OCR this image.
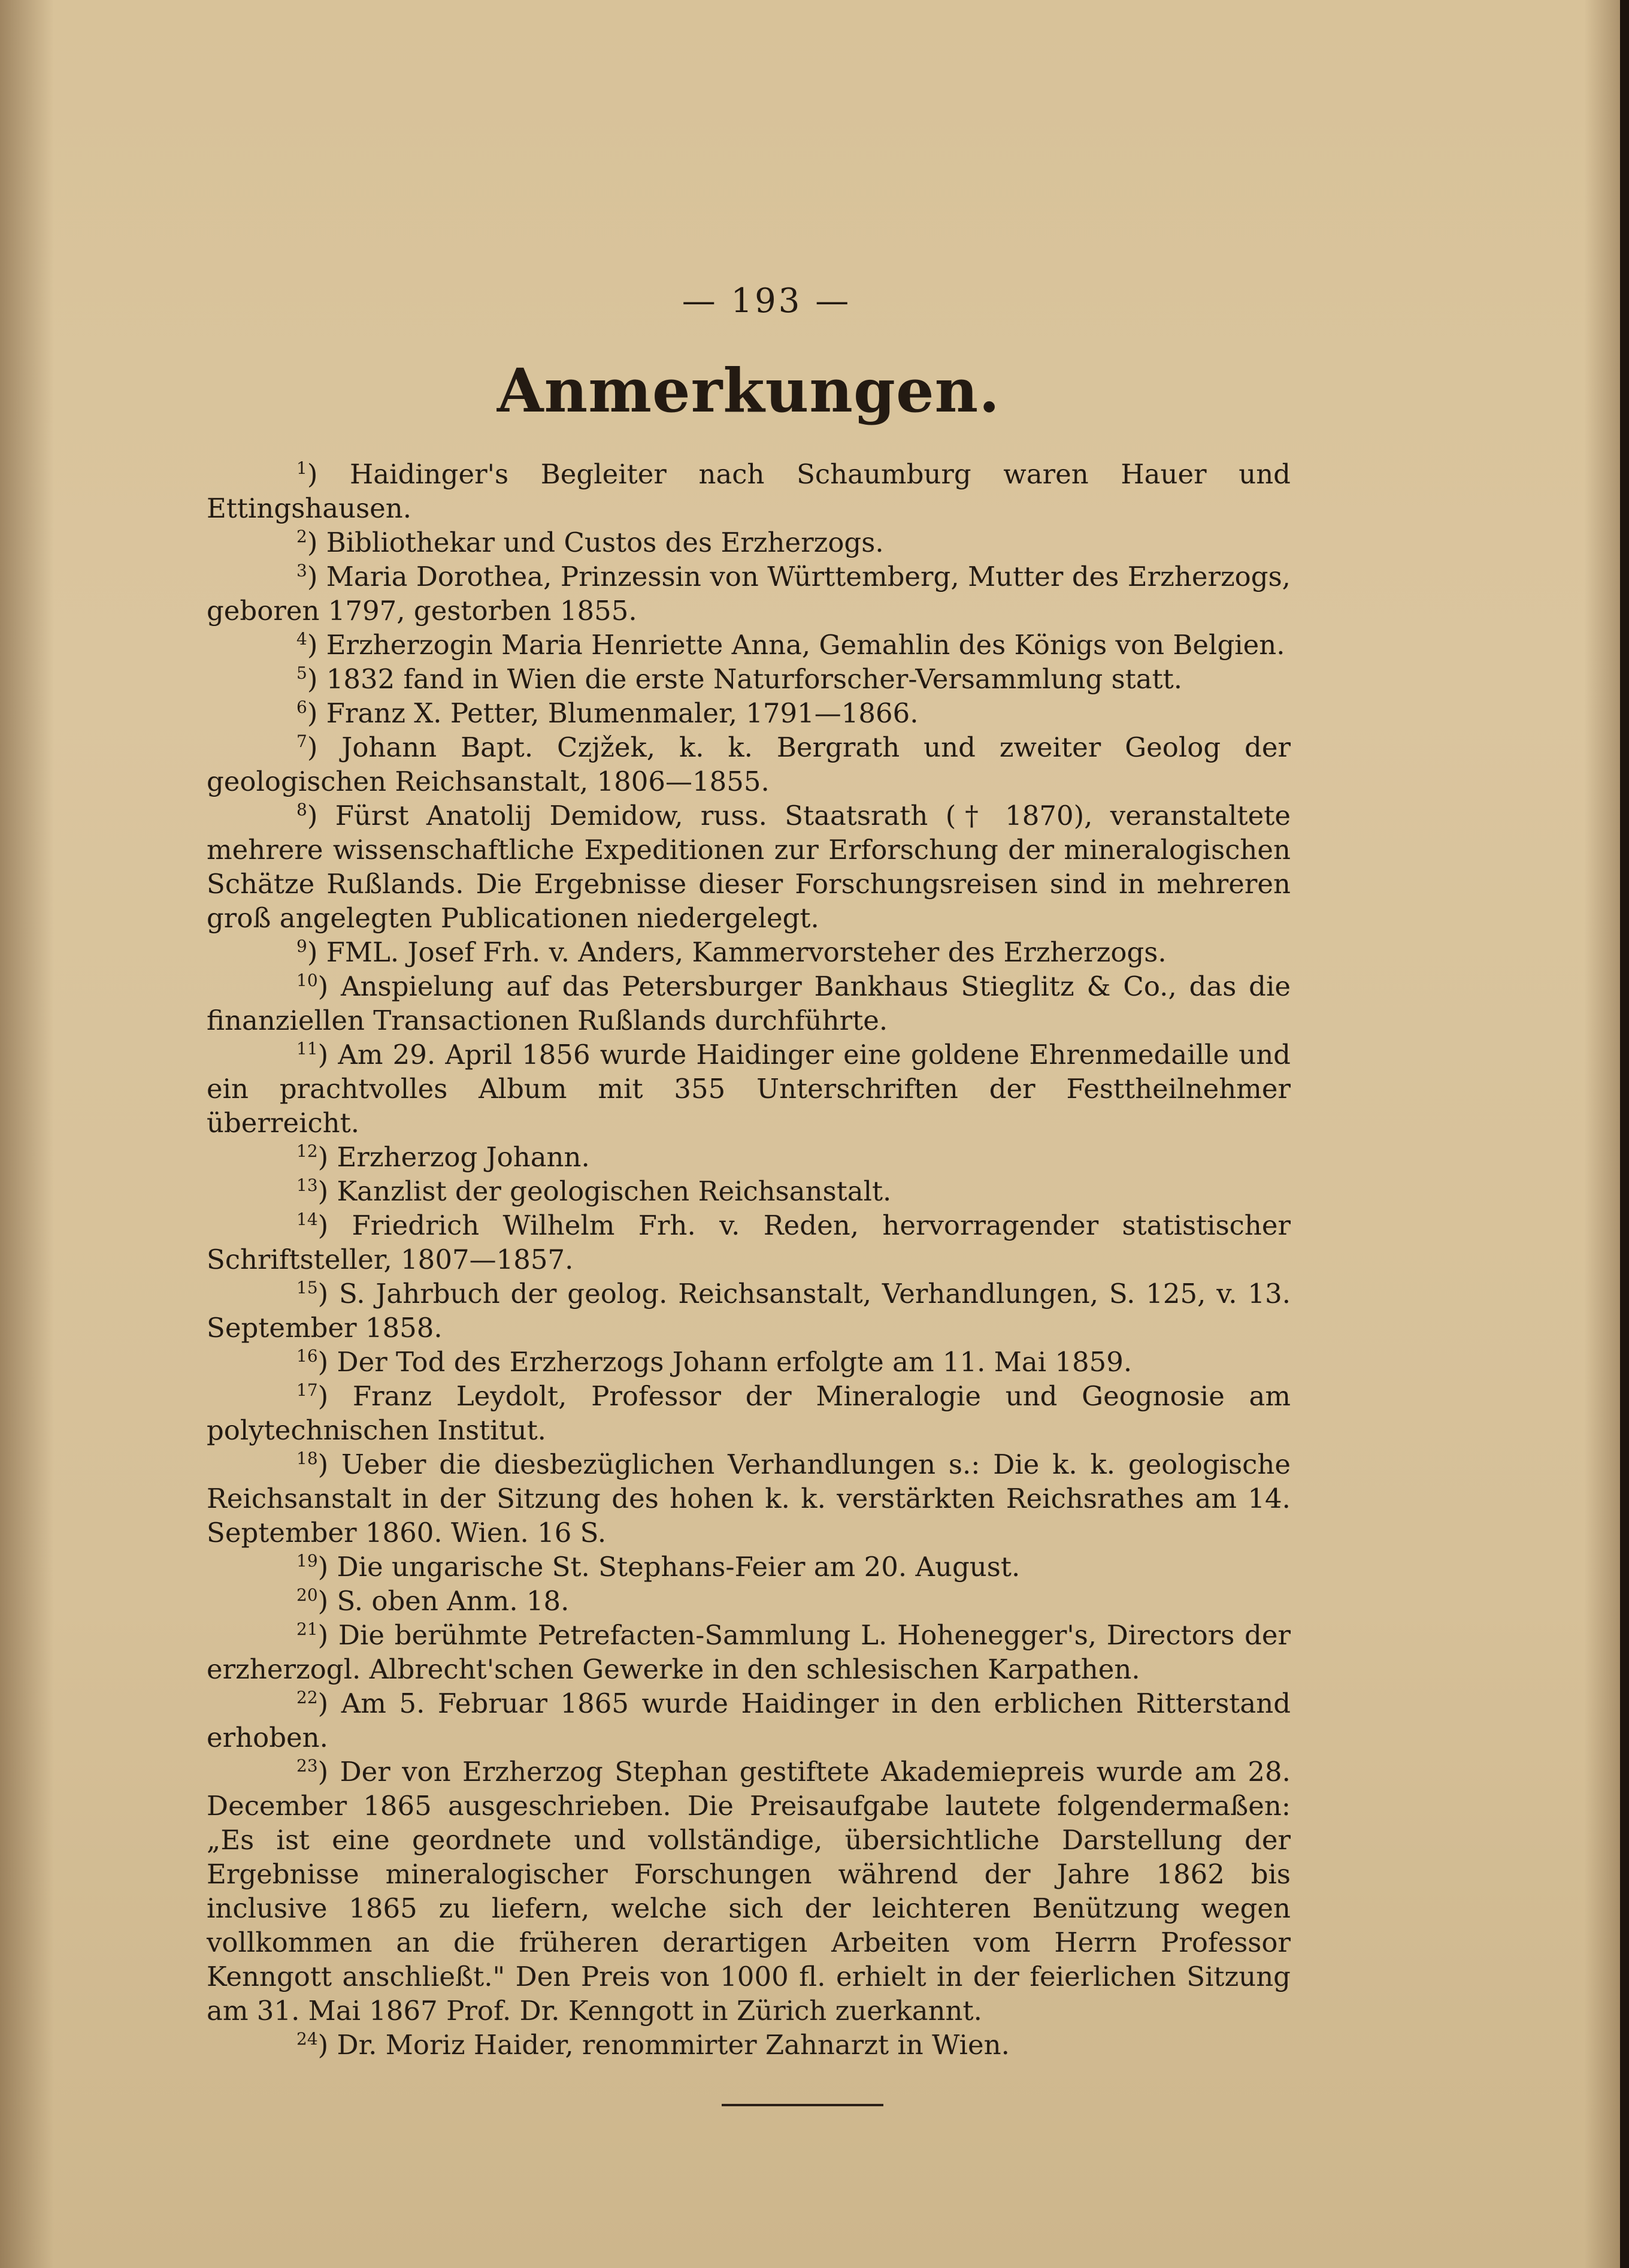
— 193 —
Anmerkungen.

$^1$) Haidinger's Begleiter nach Schaumburg waren Hauer und Ettingshausen.

$^2$) Bibliothekar und Custos des Erzherzogs.

$^3$) Maria Dorothea, Prinzessin von Württemberg, Mutter des Erzherzogs, geboren 1797, gestorben 1855.

$^4$) Erzherzogin Maria Henriette Anna, Gemahlin des Königs von Belgien.

$^5$) 1832 fand in Wien die erste Naturforscher-Versammlung statt.

$^6$) Franz X. Petter, Blumenmaler, 1791—1866.

$^7$) Johann Bapt. Czjžek, k. k. Bergrath und zweiter Geolog der geologischen Reichsanstalt, 1806—1855.

$^8$) Fürst Anatolij Demidow, russ. Staatsrath († 1870), veranstaltete mehrere wissenschaftliche Expeditionen zur Erforschung der mineralogischen Schätze Rußlands. Die Ergebnisse dieser Forschungsreisen sind in mehreren groß angelegten Publicationen niedergelegt.

$^9$) FML. Josef Frh. v. Anders, Kammervorsteher des Erzherzogs.

$^{10}$) Anspielung auf das Petersburger Bankhaus Stieglitz & Co., das die finanziellen Transactionen Rußlands durchführte.

$^{11}$) Am 29. April 1856 wurde Haidinger eine goldene Ehrenmedaille und ein prachtvolles Album mit 355 Unterschriften der Festtheilnehmer überreicht.

$^{12}$) Erzherzog Johann.

$^{13}$) Kanzlist der geologischen Reichsanstalt.

$^{14}$) Friedrich Wilhelm Frh. v. Reden, hervorragender statistischer Schriftsteller, 1807—1857.

$^{15}$) S. Jahrbuch der geolog. Reichsanstalt, Verhandlungen, S. 125, v. 13. September 1858.

$^{16}$) Der Tod des Erzherzogs Johann erfolgte am 11. Mai 1859.

$^{17}$) Franz Leydolt, Professor der Mineralogie und Geognosie am polytechnischen Institut.

$^{18}$) Ueber die diesbezüglichen Verhandlungen s.: Die k. k. geologische Reichsanstalt in der Sitzung des hohen k. k. verstärkten Reichsrathes am 14. September 1860. Wien. 16 S.

$^{19}$) Die ungarische St. Stephans-Feier am 20. August.

$^{20}$) S. oben Anm. 18.

$^{21}$) Die berühmte Petrefacten-Sammlung L. Hohenegger's, Directors der erzherzogl. Albrecht'schen Gewerke in den schlesischen Karpathen.

$^{22}$) Am 5. Februar 1865 wurde Haidinger in den erblichen Ritterstand erhoben.

$^{23}$) Der von Erzherzog Stephan gestiftete Akademiepreis wurde am 28. December 1865 ausgeschrieben. Die Preisaufgabe lautete folgendermaßen: „Es ist eine geordnete und vollständige, übersichtliche Darstellung der Ergebnisse mineralogischer Forschungen während der Jahre 1862 bis inclusive 1865 zu liefern, welche sich der leichteren Benützung wegen vollkommen an die früheren derartigen Arbeiten vom Herrn Professor Kenngott anschließt." Den Preis von 1000 fl. erhielt in der feierlichen Sitzung am 31. Mai 1867 Prof. Dr. Kenngott in Zürich zuerkannt.

$^{24}$) Dr. Moriz Haider, renommirter Zahnarzt in Wien.
